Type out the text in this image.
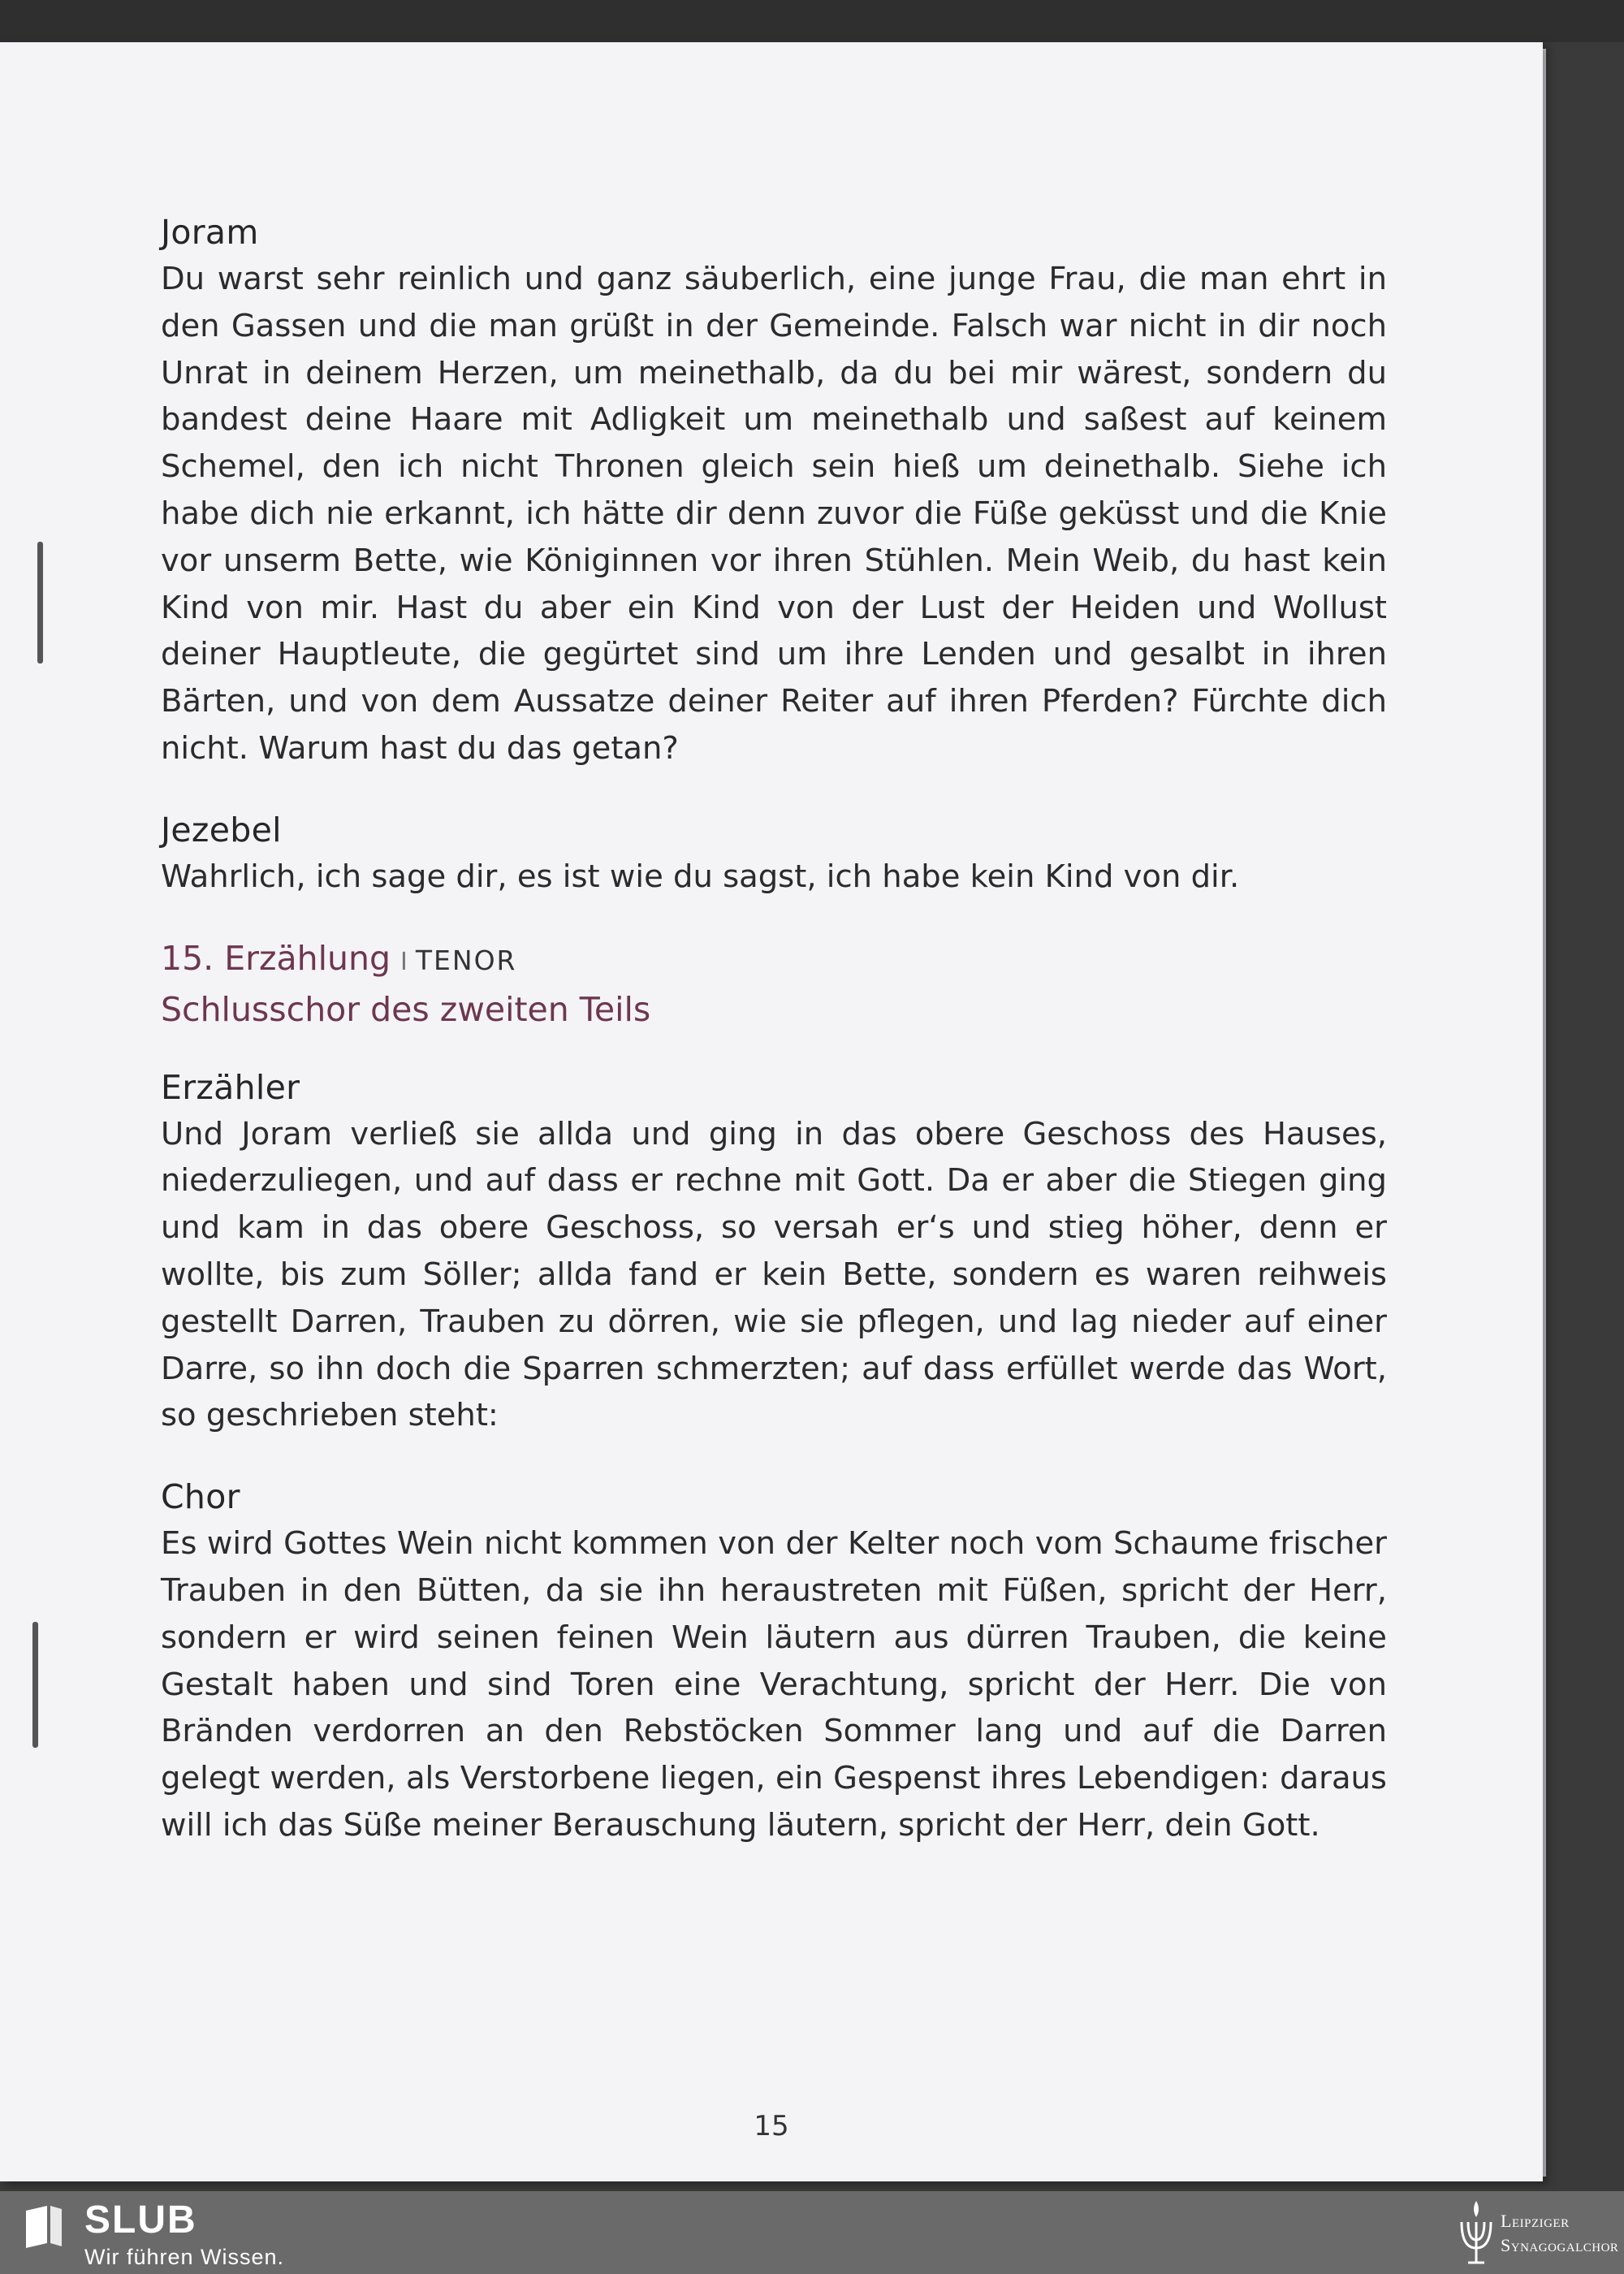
Joram

Du warst sehr reinlich und ganz säuberlich, eine junge Frau, die man ehrt in den Gassen und die man grüßt in der Gemeinde. Falsch war nicht in dir noch Unrat in deinem Herzen, um meinethalb, da du bei mir wärest, sondern du bandest deine Haare mit Adligkeit um meinethalb und saßest auf keinem Schemel, den ich nicht Thronen gleich sein hieß um deinethalb. Siehe ich habe dich nie erkannt, ich hätte dir denn zuvor die Füße geküsst und die Knie vor unserm Bette, wie Königinnen vor ihren Stühlen. Mein Weib, du hast kein Kind von mir. Hast du aber ein Kind von der Lust der Heiden und Wollust deiner Hauptleute, die gegürtet sind um ihre Lenden und gesalbt in ihren Bärten, und von dem Aussatze deiner Reiter auf ihren Pferden? Fürchte dich nicht. Warum hast du das getan?

Jezebel

Wahrlich, ich sage dir, es ist wie du sagst, ich habe kein Kind von dir.

15. Erzählung I TENOR
Schlusschor des zweiten Teils
Erzähler

Und Joram verließ sie allda und ging in das obere Geschoss des Hauses, niederzuliegen, und auf dass er rechne mit Gott. Da er aber die Stiegen ging und kam in das obere Geschoss, so versah er‘s und stieg höher, denn er wollte, bis zum Söller; allda fand er kein Bette, sondern es waren reihweis gestellt Darren, Trauben zu dörren, wie sie pflegen, und lag nieder auf einer Darre, so ihn doch die Sparren schmerzten; auf dass erfüllet werde das Wort, so geschrieben steht:

Chor

Es wird Gottes Wein nicht kommen von der Kelter noch vom Schaume frischer Trauben in den Bütten, da sie ihn heraustreten mit Füßen, spricht der Herr, sondern er wird seinen feinen Wein läutern aus dürren Trauben, die keine Gestalt haben und sind Toren eine Verachtung, spricht der Herr. Die von Bränden verdorren an den Rebstöcken Sommer lang und auf die Darren gelegt werden, als Verstorbene liegen, ein Gespenst ihres Lebendigen: daraus will ich das Süße meiner Berauschung läutern, spricht der Herr, dein Gott.

15
SLUB
Wir führen Wissen.
Leipziger
Synagogalchor
